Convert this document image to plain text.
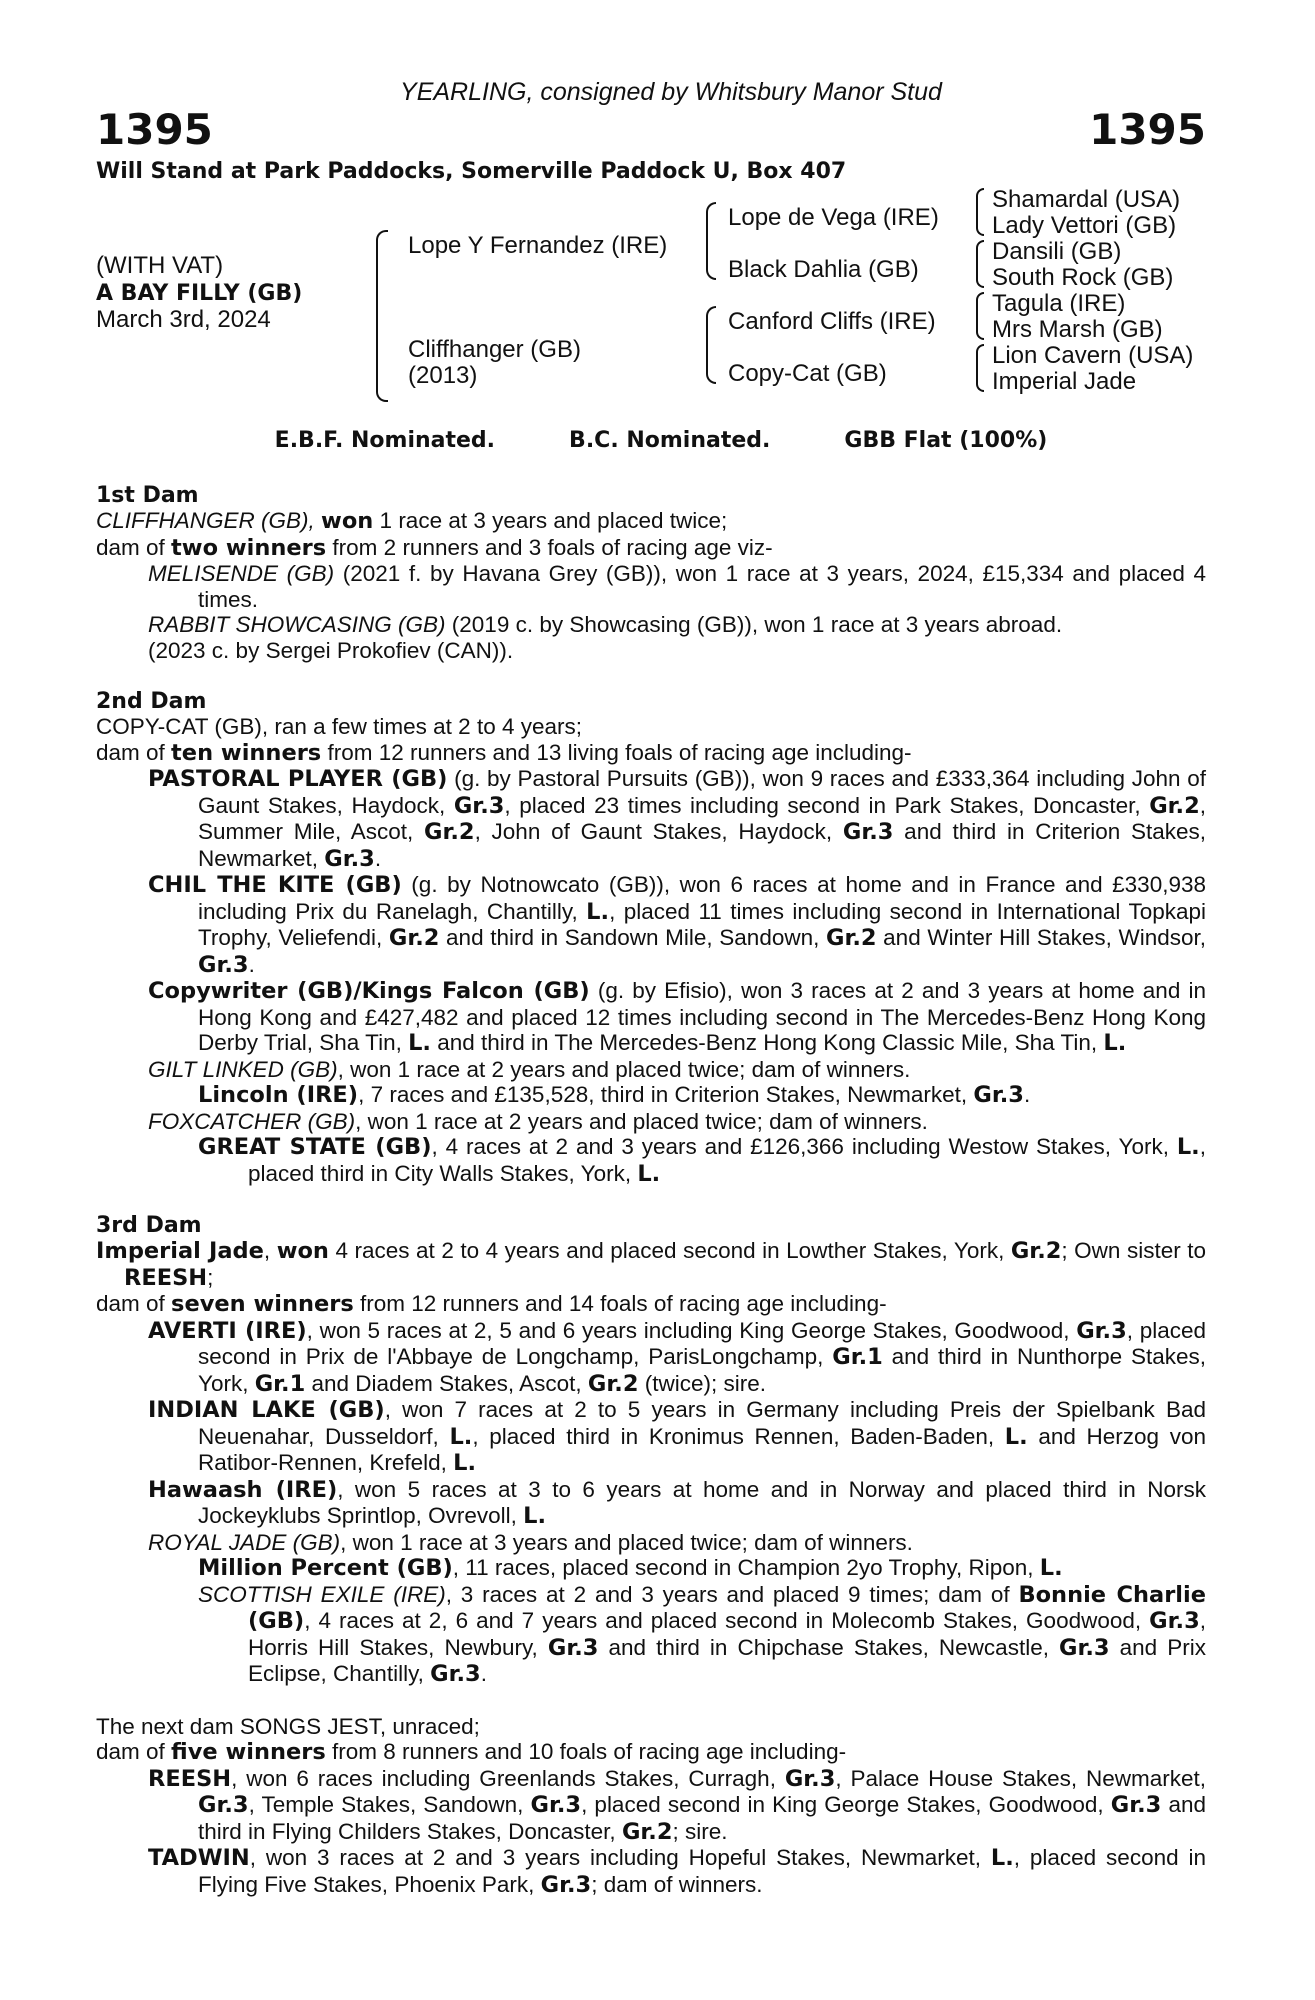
YEARLING, consigned by Whitsbury Manor Stud
1395	1395
Will Stand at Park Paddocks, Somerville Paddock U, Box 407
(WITH VAT)
A BAY FILLY (GB)
March 3rd, 2024
Lope Y Fernandez (IRE)
Cliffhanger (GB)
(2013)
Lope de Vega (IRE)
Black Dahlia (GB)
Canford Cliffs (IRE)
Copy-Cat (GB)
Shamardal (USA)
Lady Vettori (GB)
Dansili (GB)
South Rock (GB)
Tagula (IRE)
Mrs Marsh (GB)
Lion Cavern (USA)
Imperial Jade
E.B.F. Nominated.	B.C. Nominated.	GBB Flat (100%)
1st Dam
CLIFFHANGER (GB), won 1 race at 3 years and placed twice;
dam of two winners from 2 runners and 3 foals of racing age viz-
MELISENDE (GB) (2021 f. by Havana Grey (GB)), won 1 race at 3 years, 2024, £15,334 and placed 4 times.
RABBIT SHOWCASING (GB) (2019 c. by Showcasing (GB)), won 1 race at 3 years abroad.
(2023 c. by Sergei Prokofiev (CAN)).
2nd Dam
COPY-CAT (GB), ran a few times at 2 to 4 years;
dam of ten winners from 12 runners and 13 living foals of racing age including-
PASTORAL PLAYER (GB) (g. by Pastoral Pursuits (GB)), won 9 races and £333,364 including John of Gaunt Stakes, Haydock, Gr.3, placed 23 times including second in Park Stakes, Doncaster, Gr.2, Summer Mile, Ascot, Gr.2, John of Gaunt Stakes, Haydock, Gr.3 and third in Criterion Stakes, Newmarket, Gr.3.
CHIL THE KITE (GB) (g. by Notnowcato (GB)), won 6 races at home and in France and £330,938 including Prix du Ranelagh, Chantilly, L., placed 11 times including second in International Topkapi Trophy, Veliefendi, Gr.2 and third in Sandown Mile, Sandown, Gr.2 and Winter Hill Stakes, Windsor, Gr.3.
Copywriter (GB)/Kings Falcon (GB) (g. by Efisio), won 3 races at 2 and 3 years at home and in Hong Kong and £427,482 and placed 12 times including second in The Mercedes-Benz Hong Kong Derby Trial, Sha Tin, L. and third in The Mercedes-Benz Hong Kong Classic Mile, Sha Tin, L.
GILT LINKED (GB), won 1 race at 2 years and placed twice; dam of winners.
Lincoln (IRE), 7 races and £135,528, third in Criterion Stakes, Newmarket, Gr.3.
FOXCATCHER (GB), won 1 race at 2 years and placed twice; dam of winners.
GREAT STATE (GB), 4 races at 2 and 3 years and £126,366 including Westow Stakes, York, L., placed third in City Walls Stakes, York, L.
3rd Dam
Imperial Jade, won 4 races at 2 to 4 years and placed second in Lowther Stakes, York, Gr.2; Own sister to REESH;
dam of seven winners from 12 runners and 14 foals of racing age including-
AVERTI (IRE), won 5 races at 2, 5 and 6 years including King George Stakes, Goodwood, Gr.3, placed second in Prix de l'Abbaye de Longchamp, ParisLongchamp, Gr.1 and third in Nunthorpe Stakes, York, Gr.1 and Diadem Stakes, Ascot, Gr.2 (twice); sire.
INDIAN LAKE (GB), won 7 races at 2 to 5 years in Germany including Preis der Spielbank Bad Neuenahar, Dusseldorf, L., placed third in Kronimus Rennen, Baden-Baden, L. and Herzog von Ratibor-Rennen, Krefeld, L.
Hawaash (IRE), won 5 races at 3 to 6 years at home and in Norway and placed third in Norsk Jockeyklubs Sprintlop, Ovrevoll, L.
ROYAL JADE (GB), won 1 race at 3 years and placed twice; dam of winners.
Million Percent (GB), 11 races, placed second in Champion 2yo Trophy, Ripon, L.
SCOTTISH EXILE (IRE), 3 races at 2 and 3 years and placed 9 times; dam of Bonnie Charlie (GB), 4 races at 2, 6 and 7 years and placed second in Molecomb Stakes, Goodwood, Gr.3, Horris Hill Stakes, Newbury, Gr.3 and third in Chipchase Stakes, Newcastle, Gr.3 and Prix Eclipse, Chantilly, Gr.3.
The next dam SONGS JEST, unraced;
dam of five winners from 8 runners and 10 foals of racing age including-
REESH, won 6 races including Greenlands Stakes, Curragh, Gr.3, Palace House Stakes, Newmarket, Gr.3, Temple Stakes, Sandown, Gr.3, placed second in King George Stakes, Goodwood, Gr.3 and third in Flying Childers Stakes, Doncaster, Gr.2; sire.
TADWIN, won 3 races at 2 and 3 years including Hopeful Stakes, Newmarket, L., placed second in Flying Five Stakes, Phoenix Park, Gr.3; dam of winners.
